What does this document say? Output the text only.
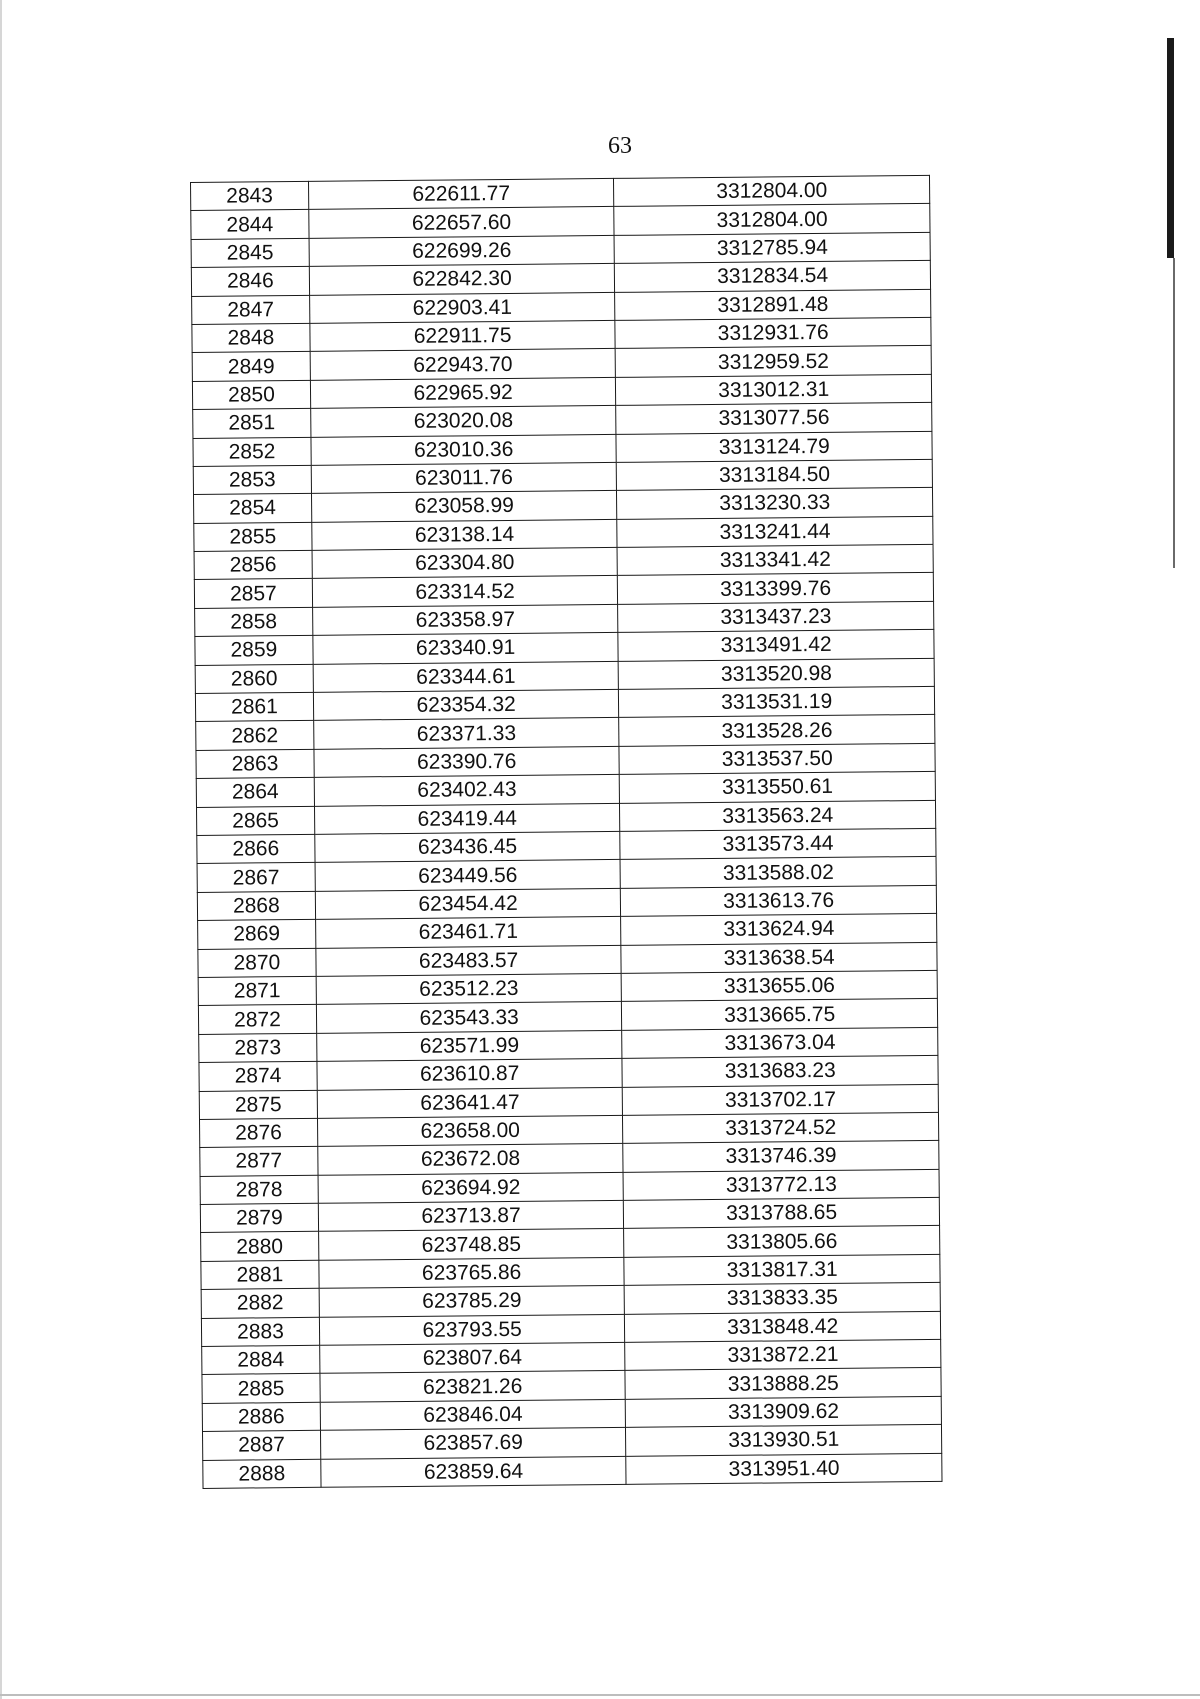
63
2843	622611.77	3312804.00
2844	622657.60	3312804.00
2845	622699.26	3312785.94
2846	622842.30	3312834.54
2847	622903.41	3312891.48
2848	622911.75	3312931.76
2849	622943.70	3312959.52
2850	622965.92	3313012.31
2851	623020.08	3313077.56
2852	623010.36	3313124.79
2853	623011.76	3313184.50
2854	623058.99	3313230.33
2855	623138.14	3313241.44
2856	623304.80	3313341.42
2857	623314.52	3313399.76
2858	623358.97	3313437.23
2859	623340.91	3313491.42
2860	623344.61	3313520.98
2861	623354.32	3313531.19
2862	623371.33	3313528.26
2863	623390.76	3313537.50
2864	623402.43	3313550.61
2865	623419.44	3313563.24
2866	623436.45	3313573.44
2867	623449.56	3313588.02
2868	623454.42	3313613.76
2869	623461.71	3313624.94
2870	623483.57	3313638.54
2871	623512.23	3313655.06
2872	623543.33	3313665.75
2873	623571.99	3313673.04
2874	623610.87	3313683.23
2875	623641.47	3313702.17
2876	623658.00	3313724.52
2877	623672.08	3313746.39
2878	623694.92	3313772.13
2879	623713.87	3313788.65
2880	623748.85	3313805.66
2881	623765.86	3313817.31
2882	623785.29	3313833.35
2883	623793.55	3313848.42
2884	623807.64	3313872.21
2885	623821.26	3313888.25
2886	623846.04	3313909.62
2887	623857.69	3313930.51
2888	623859.64	3313951.40
